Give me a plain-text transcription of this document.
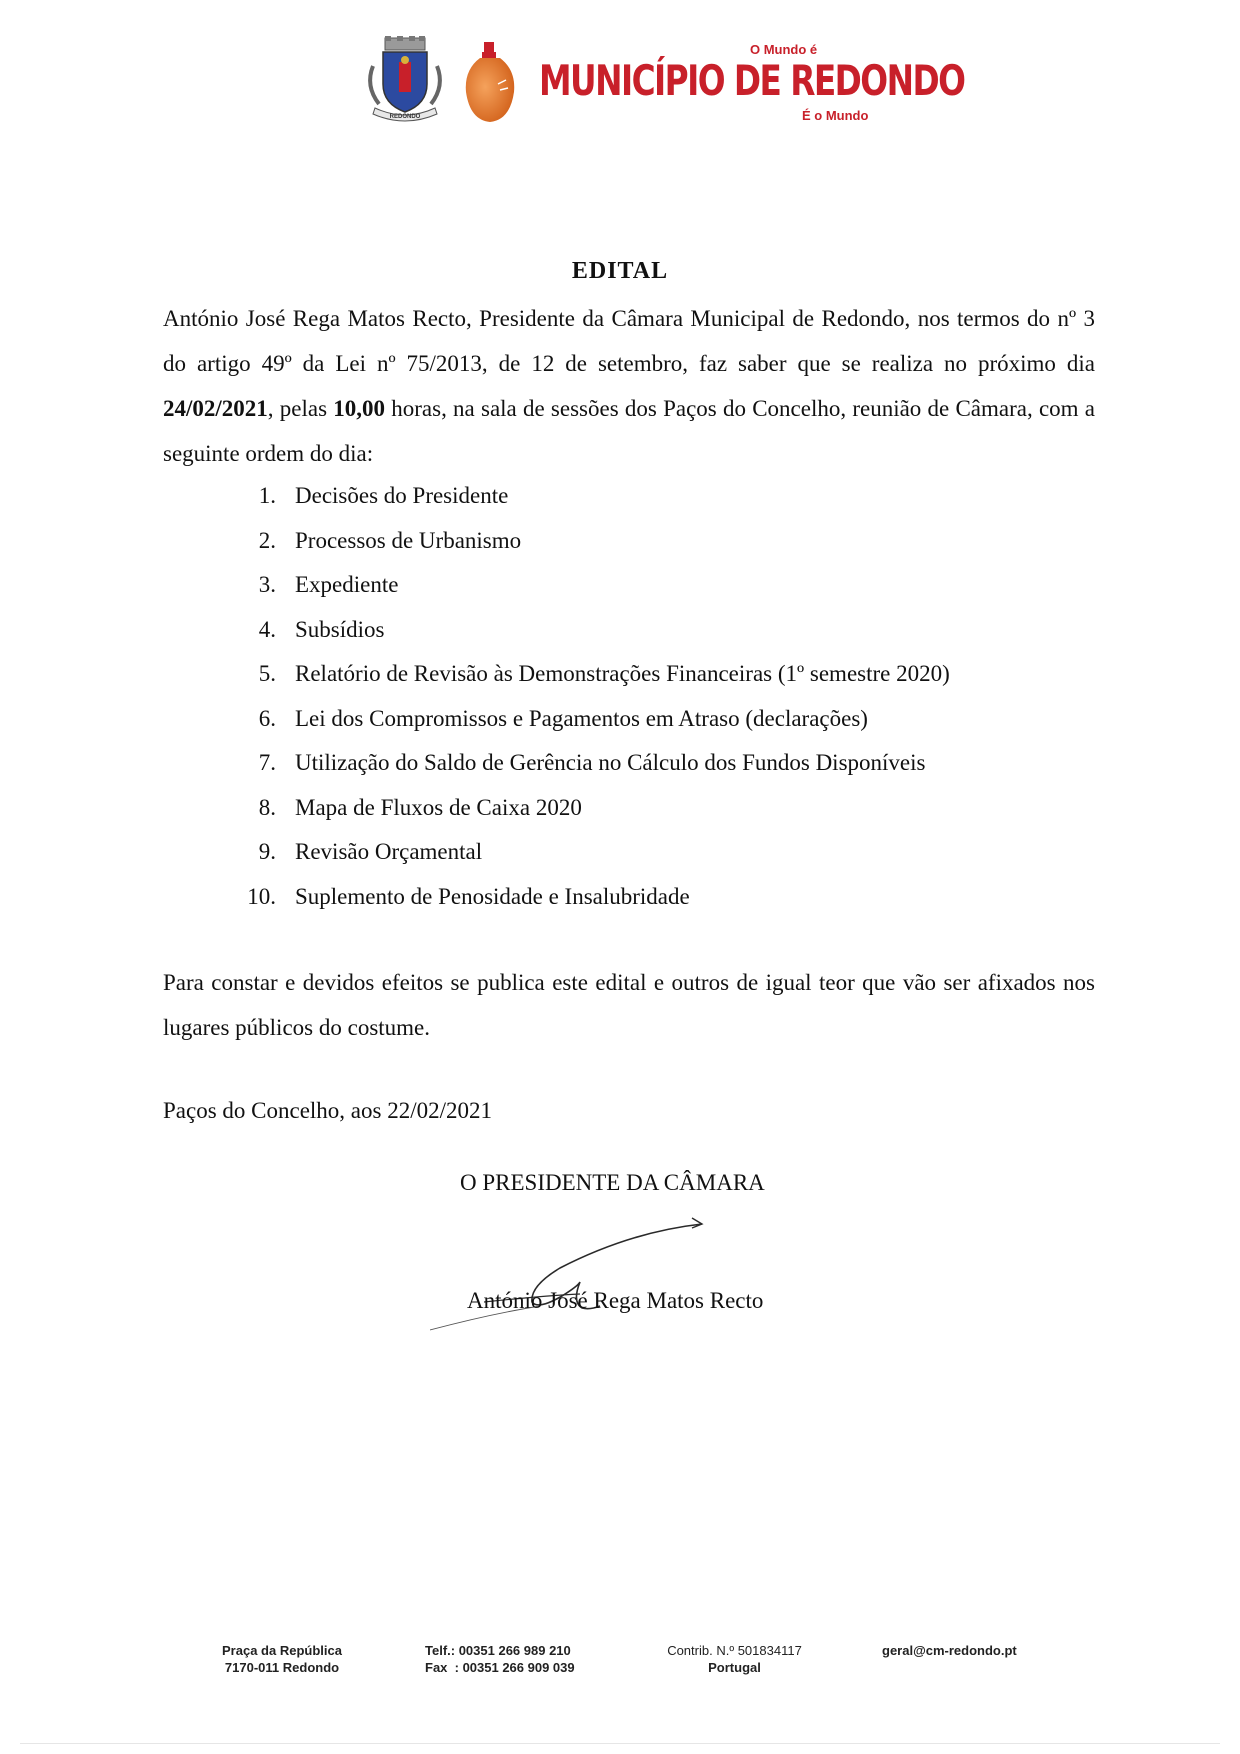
REDONDO
O Mundo é
MUNICÍPIO DE REDONDO
É o Mundo
EDITAL
António José Rega Matos Recto, Presidente da Câmara Municipal de Redondo, nos termos do nº 3 do artigo 49º da Lei nº 75/2013, de 12 de setembro, faz saber que se realiza no próximo dia 24/02/2021, pelas 10,00 horas, na sala de sessões dos Paços do Concelho, reunião de Câmara, com a seguinte ordem do dia:
1. Decisões do Presidente
2. Processos de Urbanismo
3. Expediente
4. Subsídios
5. Relatório de Revisão às Demonstrações Financeiras (1º semestre 2020)
6. Lei dos Compromissos e Pagamentos em Atraso (declarações)
7. Utilização do Saldo de Gerência no Cálculo dos Fundos Disponíveis
8. Mapa de Fluxos de Caixa 2020
9. Revisão Orçamental
10. Suplemento de Penosidade e Insalubridade
Para constar e devidos efeitos se publica este edital e outros de igual teor que vão ser afixados nos lugares públicos do costume.
Paços do Concelho, aos 22/02/2021
O PRESIDENTE DA CÂMARA
António José Rega Matos Recto
Praça da República
7170-011 Redondo
Telf.: 00351 266 989 210
Fax  : 00351 266 909 039
Contrib. N.º 501834117
Portugal
geral@cm-redondo.pt
